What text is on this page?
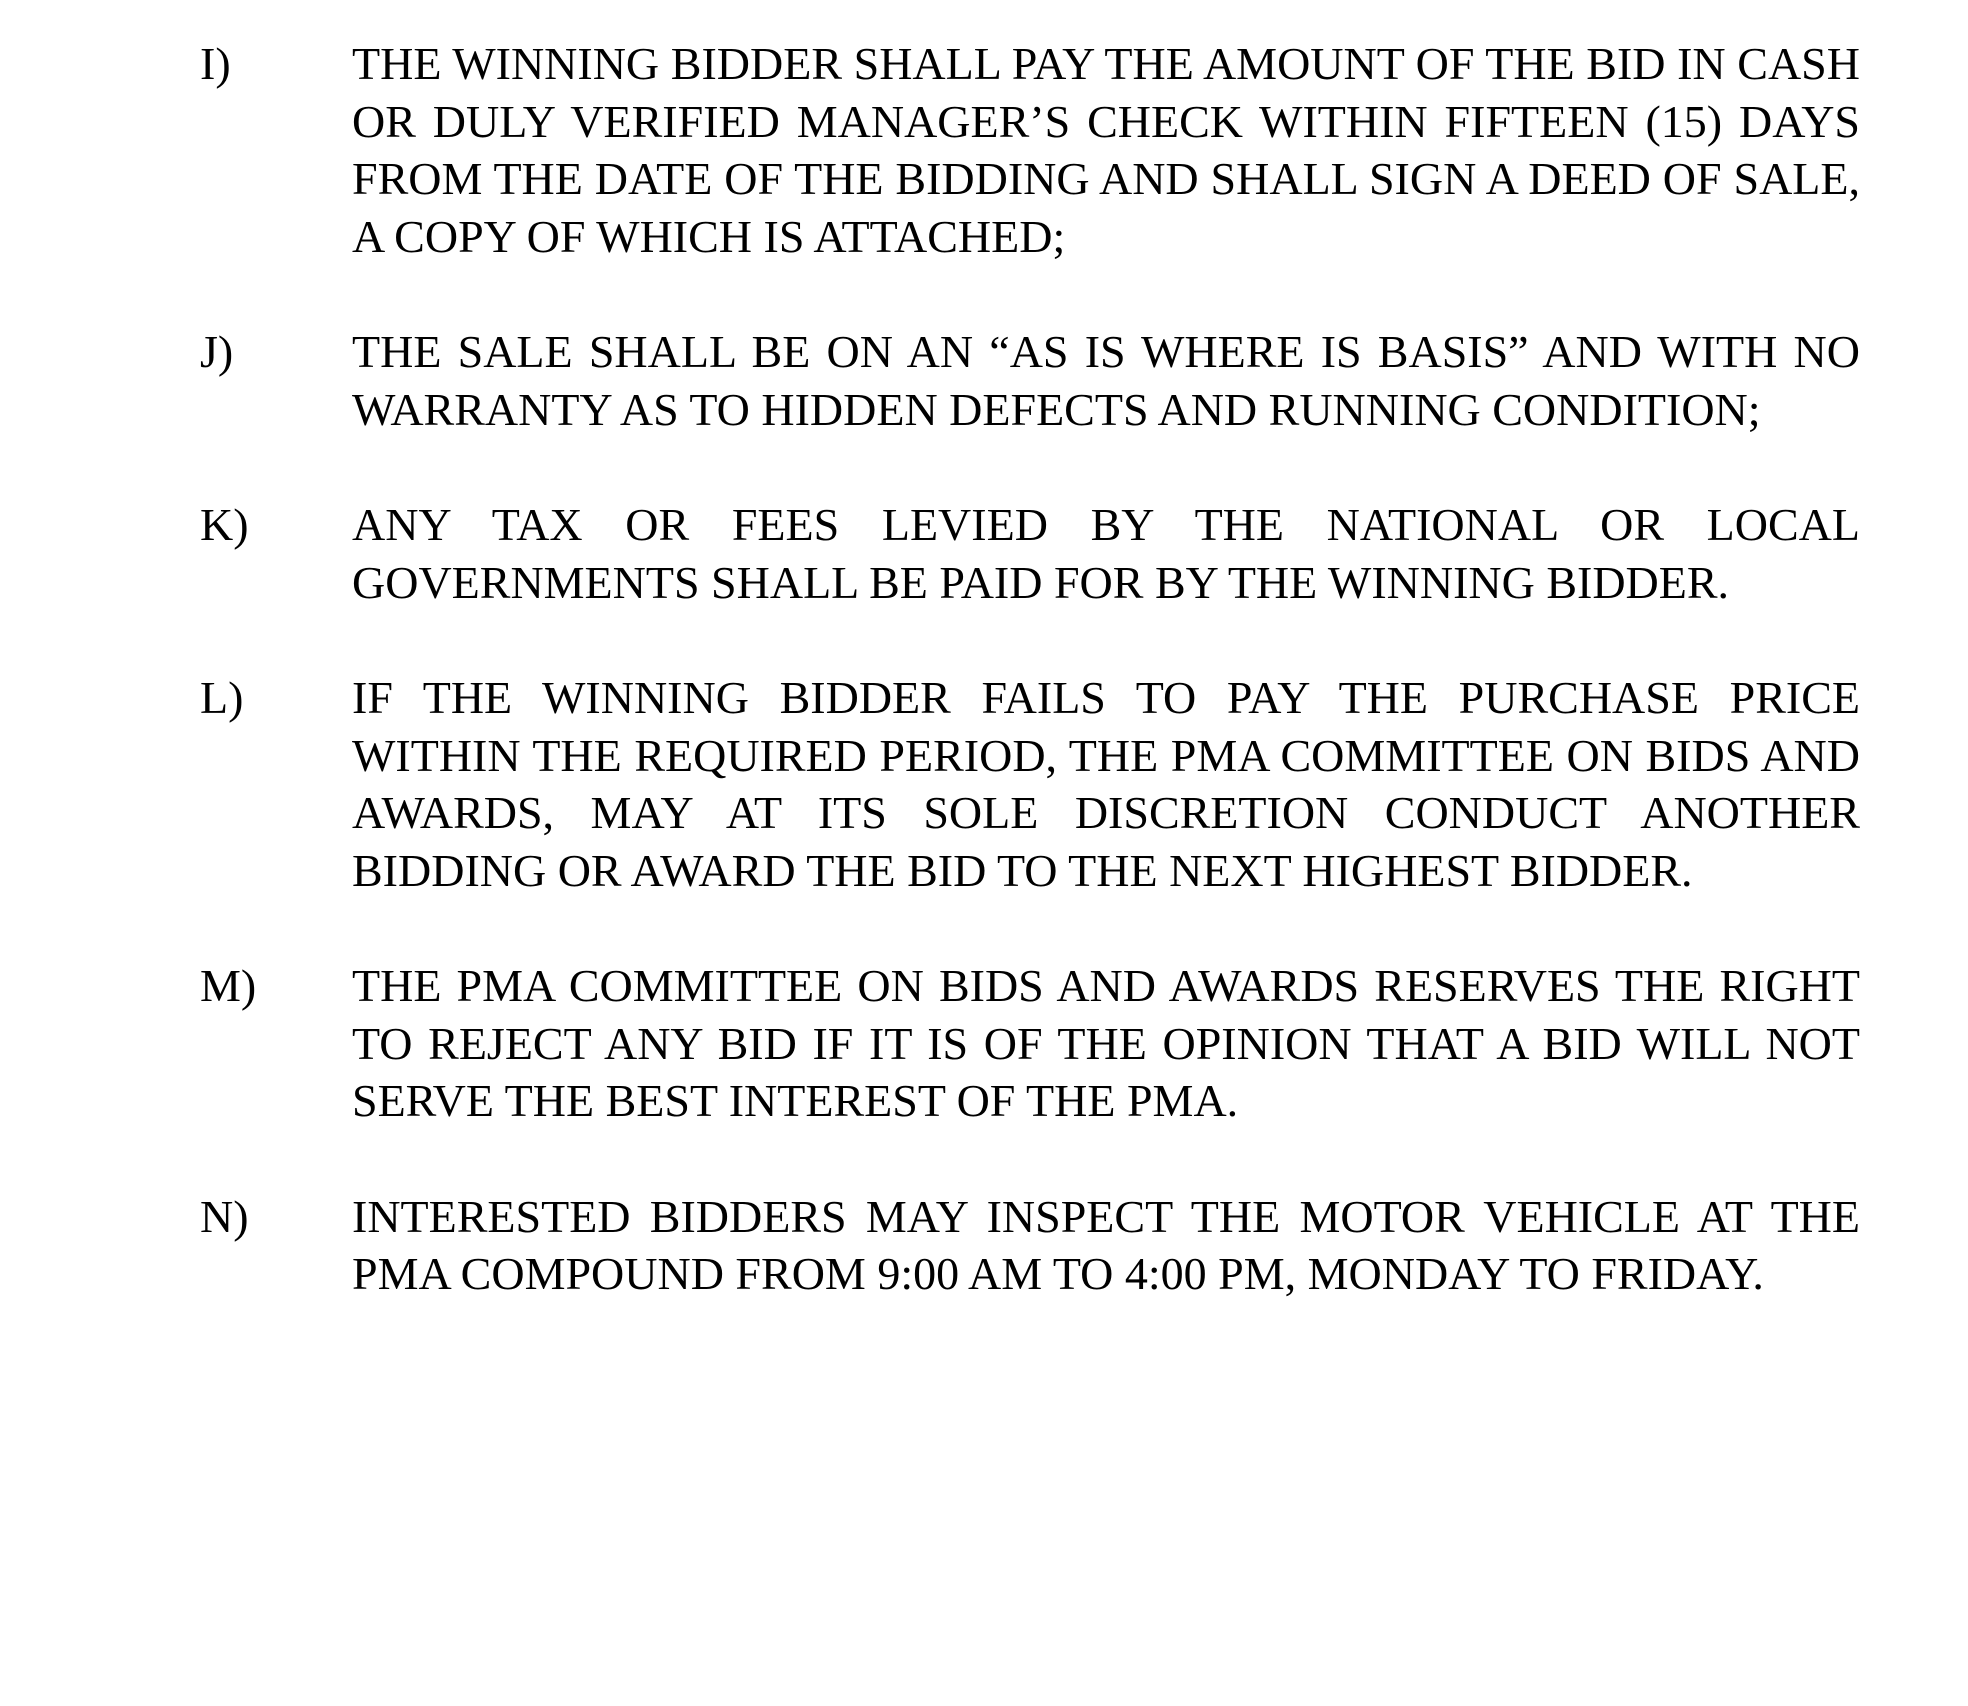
I)	THE WINNING BIDDER SHALL PAY THE AMOUNT OF THE BID IN CASH OR DULY VERIFIED MANAGER’S CHECK WITHIN FIFTEEN (15) DAYS FROM THE DATE OF THE BIDDING AND SHALL SIGN A DEED OF SALE, A COPY OF WHICH IS ATTACHED;
J)	THE SALE SHALL BE ON AN “AS IS WHERE IS BASIS” AND WITH NO WARRANTY AS TO HIDDEN DEFECTS AND RUNNING CONDITION;
K)	ANY TAX OR FEES LEVIED BY THE NATIONAL OR LOCAL GOVERNMENTS SHALL BE PAID FOR BY THE WINNING BIDDER.
L)	IF THE WINNING BIDDER FAILS TO PAY THE PURCHASE PRICE WITHIN THE REQUIRED PERIOD, THE PMA COMMITTEE ON BIDS AND AWARDS, MAY AT ITS SOLE DISCRETION CONDUCT ANOTHER BIDDING OR AWARD THE BID TO THE NEXT HIGHEST BIDDER.
M)	THE PMA COMMITTEE ON BIDS AND AWARDS RESERVES THE RIGHT TO REJECT ANY BID IF IT IS OF THE OPINION THAT A BID WILL NOT SERVE THE BEST INTEREST OF THE PMA.
N)	INTERESTED BIDDERS MAY INSPECT THE MOTOR VEHICLE AT THE PMA COMPOUND FROM 9:00 AM TO 4:00 PM, MONDAY TO FRIDAY.
